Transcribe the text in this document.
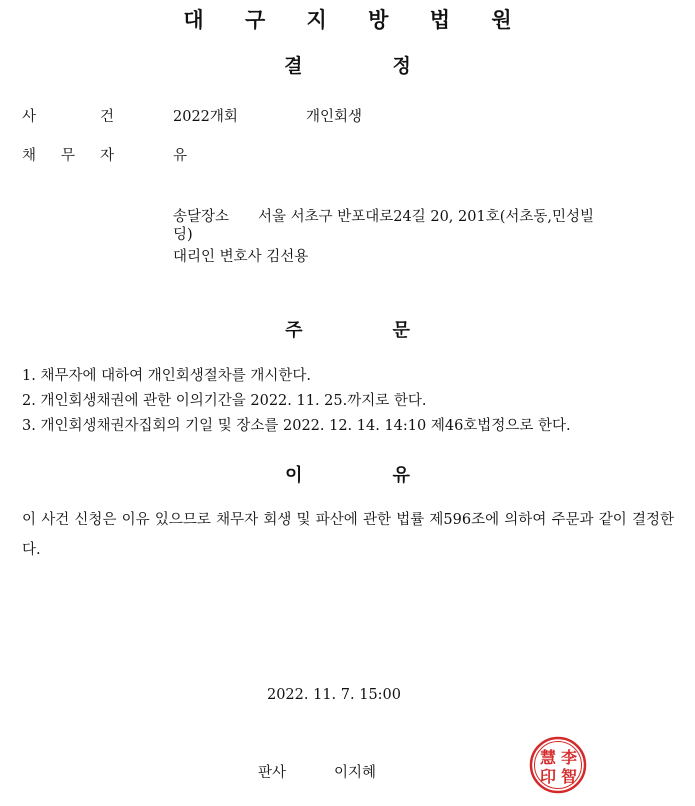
대 구 지 방 법 원
결	정
사	건	2022개회	개인회생
채 무 자	유
송달장소 서울 서초구 반포대로24길 20, 201호(서초동,민성빌
딩)
대리인 변호사 김선용
주	문
1. 채무자에 대하여 개인회생절차를 개시한다.
2. 개인회생채권에 관한 이의기간을 2022. 11. 25.까지로 한다.
3. 개인회생채권자집회의 기일 및 장소를 2022. 12. 14. 14:10 제46호법정으로 한다.
이	유
이 사건 신청은 이유 있으므로 채무자 회생 및 파산에 관한 법률 제596조에 의하여 주문과 같이 결정한다.
2022. 11. 7. 15:00
판사	이지혜
李
智
慧
印
